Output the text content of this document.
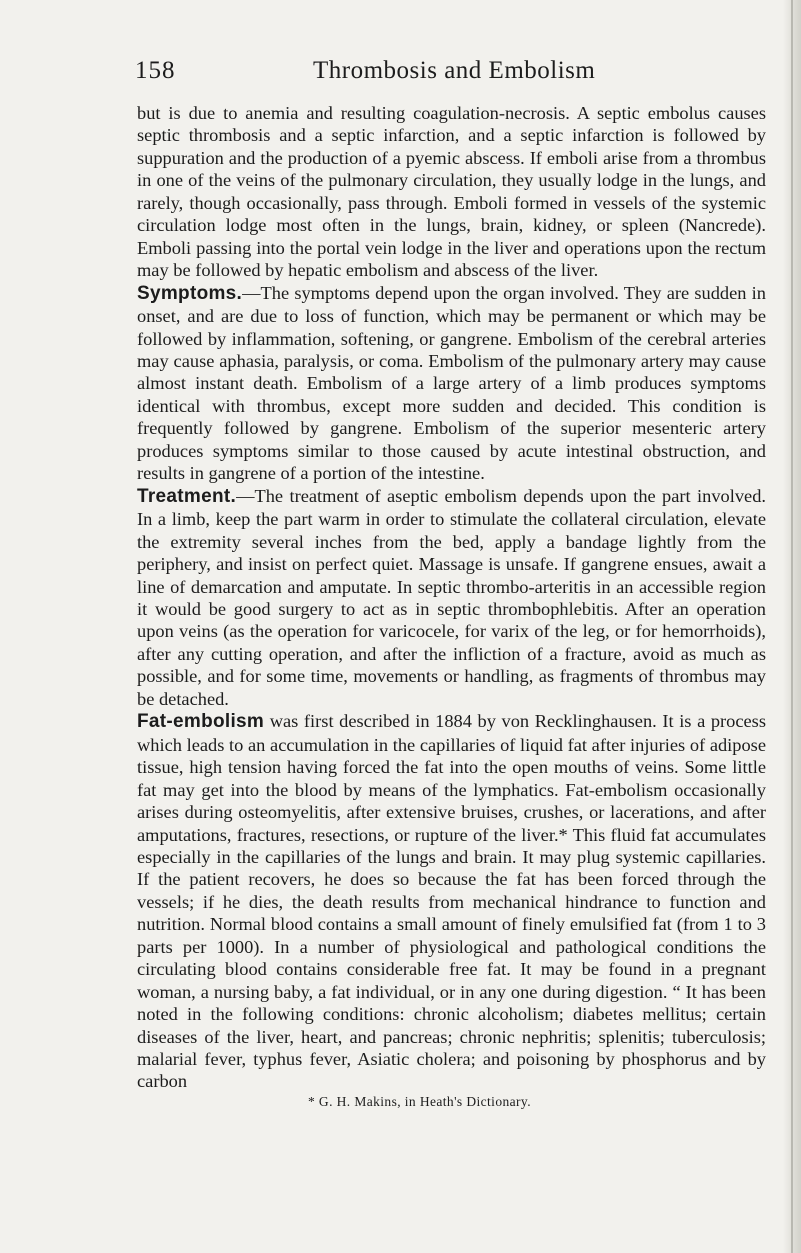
158	Thrombosis and Embolism

but is due to anemia and resulting coagulation-necrosis. A septic embolus causes septic thrombosis and a septic infarction, and a septic infarction is followed by suppuration and the production of a pyemic abscess. If emboli arise from a thrombus in one of the veins of the pulmonary circulation, they usually lodge in the lungs, and rarely, though occasionally, pass through. Emboli formed in vessels of the systemic circulation lodge most often in the lungs, brain, kidney, or spleen (Nancrede). Emboli passing into the portal vein lodge in the liver and operations upon the rectum may be followed by hepatic embolism and abscess of the liver.

Symptoms.—The symptoms depend upon the organ involved. They are sudden in onset, and are due to loss of function, which may be permanent or which may be followed by inflammation, softening, or gangrene. Embolism of the cerebral arteries may cause aphasia, paralysis, or coma. Embolism of the pulmonary artery may cause almost instant death. Embolism of a large artery of a limb produces symptoms identical with thrombus, except more sudden and decided. This condition is frequently followed by gangrene. Embolism of the superior mesenteric artery produces symptoms similar to those caused by acute intestinal obstruction, and results in gangrene of a portion of the intestine.

Treatment.—The treatment of aseptic embolism depends upon the part involved. In a limb, keep the part warm in order to stimulate the collateral circulation, elevate the extremity several inches from the bed, apply a bandage lightly from the periphery, and insist on perfect quiet. Massage is unsafe. If gangrene ensues, await a line of demarcation and amputate. In septic thrombo-arteritis in an accessible region it would be good surgery to act as in septic thrombophlebitis. After an operation upon veins (as the operation for varicocele, for varix of the leg, or for hemorrhoids), after any cutting operation, and after the infliction of a fracture, avoid as much as possible, and for some time, movements or handling, as fragments of thrombus may be detached.

Fat-embolism was first described in 1884 by von Recklinghausen. It is a process which leads to an accumulation in the capillaries of liquid fat after injuries of adipose tissue, high tension having forced the fat into the open mouths of veins. Some little fat may get into the blood by means of the lymphatics. Fat-embolism occasionally arises during osteomyelitis, after extensive bruises, crushes, or lacerations, and after amputations, fractures, resections, or rupture of the liver.* This fluid fat accumulates especially in the capillaries of the lungs and brain. It may plug systemic capillaries. If the patient recovers, he does so because the fat has been forced through the vessels; if he dies, the death results from mechanical hindrance to function and nutrition. Normal blood contains a small amount of finely emulsified fat (from 1 to 3 parts per 1000). In a number of physiological and pathological conditions the circulating blood contains considerable free fat. It may be found in a pregnant woman, a nursing baby, a fat individual, or in any one during digestion. “ It has been noted in the following conditions: chronic alcoholism; diabetes mellitus; certain diseases of the liver, heart, and pancreas; chronic nephritis; splenitis; tuberculosis; malarial fever, typhus fever, Asiatic cholera; and poisoning by phosphorus and by carbon

* G. H. Makins, in Heath's Dictionary.
